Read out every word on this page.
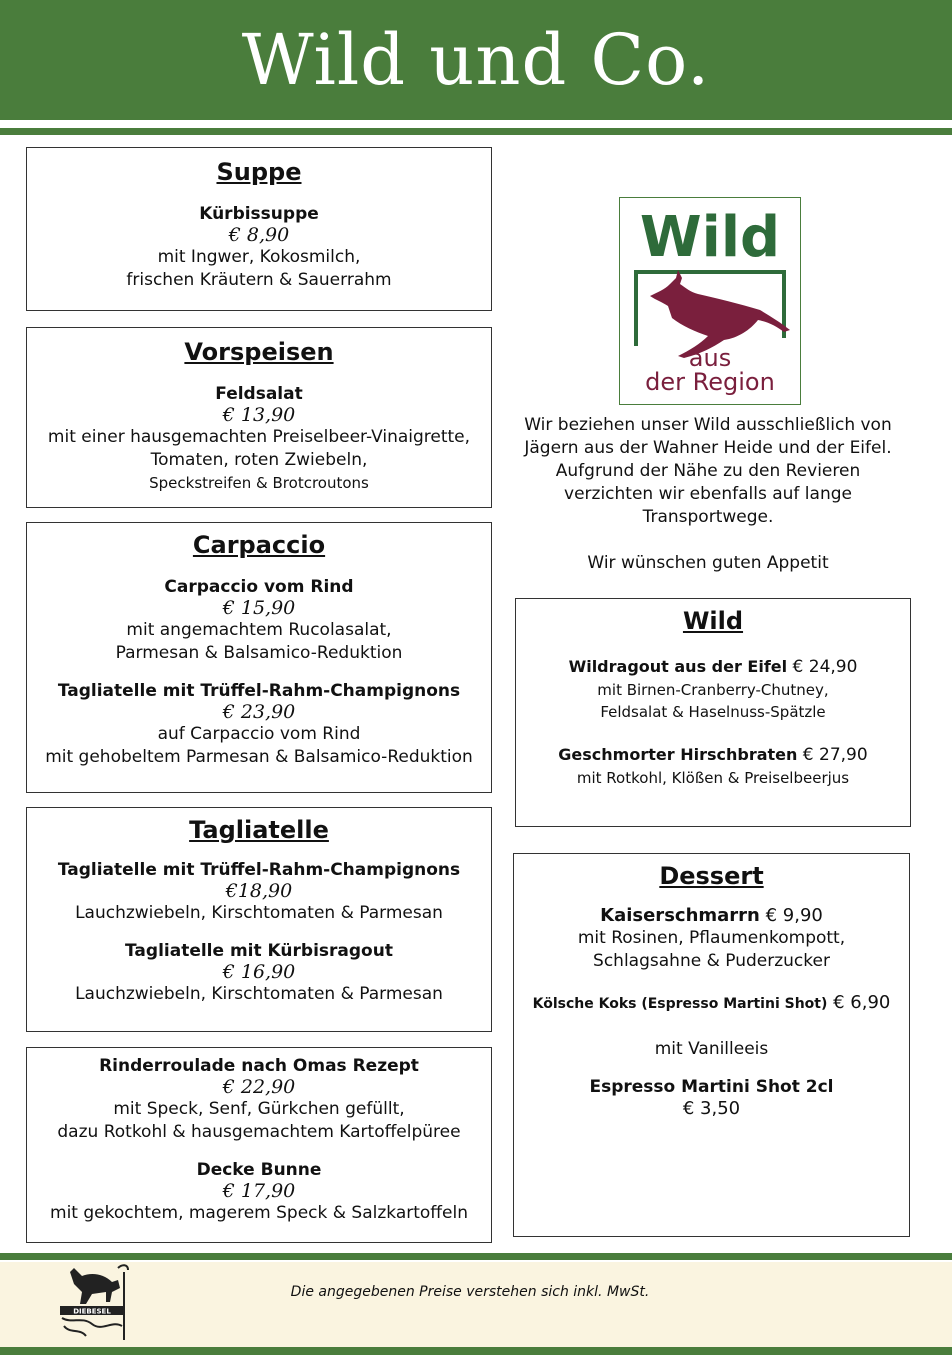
Wild und Co.
Suppe
Kürbissuppe
€ 8,90
mit Ingwer, Kokosmilch,
frischen Kräutern & Sauerrahm
Vorspeisen
Feldsalat
€ 13,90
mit einer hausgemachten Preiselbeer-Vinaigrette,
Tomaten, roten Zwiebeln,
Speckstreifen & Brotcroutons
Carpaccio
Carpaccio vom Rind
€ 15,90
mit angemachtem Rucolasalat,
Parmesan & Balsamico-Reduktion
Tagliatelle mit Trüffel-Rahm-Champignons
€ 23,90
auf Carpaccio vom Rind
mit gehobeltem Parmesan & Balsamico-Reduktion
Tagliatelle
Tagliatelle mit Trüffel-Rahm-Champignons
€18,90
Lauchzwiebeln, Kirschtomaten & Parmesan
Tagliatelle mit Kürbisragout
€ 16,90
Lauchzwiebeln, Kirschtomaten & Parmesan
Rinderroulade nach Omas Rezept
€ 22,90
mit Speck, Senf, Gürkchen gefüllt,
dazu Rotkohl & hausgemachtem Kartoffelpüree
Decke Bunne
€ 17,90
mit gekochtem, magerem Speck & Salzkartoffeln
Wild
aus
der Region
Wir beziehen unser Wild ausschließlich von
Jägern aus der Wahner Heide und der Eifel.
Aufgrund der Nähe zu den Revieren
verzichten wir ebenfalls auf lange
Transportwege.
Wir wünschen guten Appetit
Wild
Wildragout aus der Eifel € 24,90
mit Birnen-Cranberry-Chutney,
Feldsalat & Haselnuss-Spätzle
Geschmorter Hirschbraten € 27,90
mit Rotkohl, Klößen & Preiselbeerjus
Dessert
Kaiserschmarrn € 9,90
mit Rosinen, Pflaumenkompott,
Schlagsahne & Puderzucker
Kölsche Koks (Espresso Martini Shot) € 6,90
mit Vanilleeis
Espresso Martini Shot 2cl
€ 3,50
DIEBESEL
Die angegebenen Preise verstehen sich inkl. MwSt.
